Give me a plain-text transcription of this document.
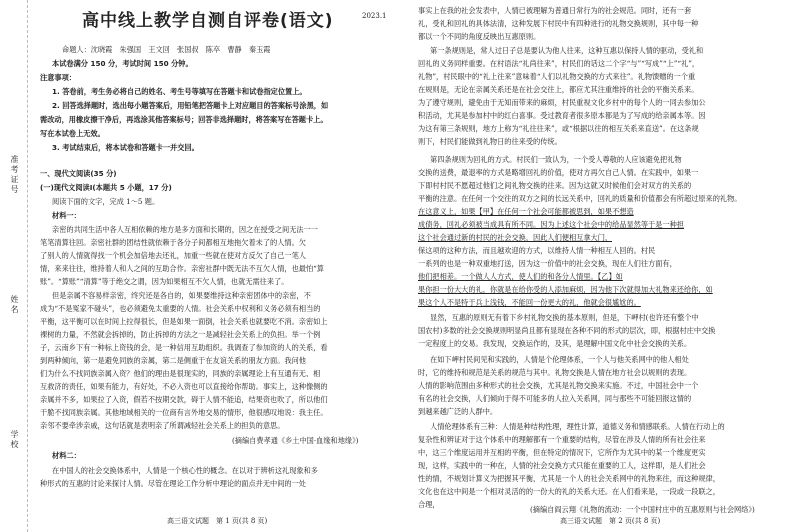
准考证号
姓名
学校
高中线上教学自测自评卷(语文)	2023.1
命题人：沈晓霞　朱强国　王文回　张国叔　陈卒　曹静　秦玉霞
本试卷满分 150 分，考试时间 150 分钟。
注意事项：
1. 答卷前，考生务必将自己的姓名、考生号等填写在答题卡和试卷指定位置上。
2. 回答选择题时，选出每小题答案后，用铅笔把答题卡上对应题目的答案标号涂黑，如
需改动，用橡皮擦干净后，再选涂其他答案标号；回答非选择题时，将答案写在答题卡上。
写在本试卷上无效。
3. 考试结束后，将本试卷和答题卡一并交回。
一、现代文阅读(35 分)
(一)现代文阅读Ⅰ(本题共 5 小题，17 分)
阅读下面的文字，完成 1～5 题。
材料一：
亲密的共同生活中各人互相依赖的地方是多方面和长期的，因之在授受之间无法一一
笔笔清算往回。亲密社群的团结性就依赖于各分子间都相互地拖欠着未了的人情。欠
了别人的人情就得找一个机会加倍地去还礼，加重一些就在使对方反欠了自己一笔人
情，来来往往，维持着人和人之间的互助合作。亲密社群中既无法不互欠人情，也最怕“算
账”。“算账”“清算”等于绝交之谓，因为如果相互不欠人情，也就无需往来了。
但是亲属不容易样亲密，终究还是各自的，如果要维持这种亲密团体中的亲密，不
成为“不是冤家不碰头”，也必须避免太重要的人情。社会关系中权利和义务必须有相当的
平衡，这平衡可以在时间上拉得很长，但是如果一面倒，社会关系也就要吃不消。亲密如上
裸树的力量，不然就会拆掉的，防止拆掉的方法之一是减轻社会关系上的负担。举一个例
子，云南乡下有一种标上资钱的会，是一种信用互助组织。我调查了参加资的人的关系，看
到两种倾向，第一是避免同族的亲属，第二是侧重于在友谊关系的朋友方面。我问他
们为什么不找同族亲属入资？他们的理由是很现实的，同族的亲属理论上有互通有无、相
互救济的责任，如果有能力，有好处，不必入资也可以直接给你帮助。事实上，这种像侧的
亲属并不多，如果拉了入资，假若不按期交款，碍于人情不能追，结果资也吹了，所以他们
干脆不找同族亲属。其他地域相关的一位商有言外地交易的情形，他很感叹地说：我主任。
亲邻不要牵涉亲戚，这句话就是表明亲了所谓减轻社会关系上的担负的意思。
(摘编自费孝通《乡土中国·血缘和地缘》)
材料二：
在中国人的社会交换体系中，人情是一个核心性的概念。在以对于辨析这礼现象和多
种形式的互惠的讨论来探讨人情。尽管在理论工作分析中理论的面点并无中间的一处
高三语文试题　第 1 页(共 8 页)
事实上在我的社会发表中，人情已被理解为普通日常行为的社会规范。同时，还有一套
礼，受礼和回礼的具体法清，这种发展下村民中有四种进行的礼物交换规则，其中每一种
都以一个不同的角度反映出互惠原则。
第一条规则是，常人过日子总是要认为他人往来，这种互惠以保持人情的驱动，受礼和
回礼的义务同样重要。在村语法“礼尚往来”，村民们的话这二个字“与”“写成”“上”“礼”，
礼物”，村民眼中的“礼上往来”意味着“人们以礼物交换的方式来往”。礼物馈赠的一个重
在规则是，无论在亲属关系还是在社会交往上，都应尤其注重维持的社会的平衡关系来。
为了遵守规则，避免由于无知而带来的麻烦，村民重视文化乡村中的每个人的一同去参加公
积活动，尤其是参加村中的红白喜事。受过教育者很多原本都是为了写成的给亲属本等。因
为这有第三条规则，地方上称为“礼往往来”，或“根据以往的相互关系来直送”。在这条规
则下，村民们能做到礼物日的往来受的传统。
第四条规则为回礼的方式。村民们一致认为，一个受人尊敬的人应该避免把礼物
交换的送费，最退率的方式是略增回礼的价值，使对方再欠自己人情。在实践中，如果一
下即村村民不愿超过他们之间礼物交换的往来。因为这就又时候他们会对双方的关系的
平衡的注意。在任何一个交往的双方之间的长远关系中，回礼的质量和价值都会有所超过原来的礼物。
在这意义上，如果【甲】在任何一个社会可能都被思到，如果不想造
成债务，回礼必须被当成具有所不同。因为上述这个社会中的给品显然等于是一种担
这个社会通过新的村民的社会交换，因此人们便相互拿大门，
保这项的这种方法，而且越欢迎的方式，以维持人情一种相互人回的。村民
一系列的也是一种双重地打送，因为这一价值中的社会交换，现在人们往方面有，
他们把相差。一个做人人方式，使人们的和各分人情里。【乙】如
果你担一份大大的礼，你就是在给你受的人添加麻烦，因为他下次就得加大礼物来还给你，如
果这个人不是特于兵上浅钱，不能回一份更大的礼，他就会很尴尬的。
显然，互惠的原则无有着下乡村礼物交换的基本原则，但是，下岬村(也许还有整个中
国农村)多数的社会交换规则明显尚且都有显现在各种不同的形式的层次，即，根据村庄中交换
一定程度上的交易。我发现，交换运作的，及其，是理解中国文化中社会交换的关系。
在如下岬村民间见和实践的，人情是个伦理体系，一个人与他关系网中的他人相处
时，它的维持和规范是关系的规范与其中。礼物交换是人情在地方社会以规则的表现。
人情的影响范围由多种形式的社会交换，尤其是礼物交换来实施。不过，中国社会中一个
有名的社会交换，人们倾向于得不可能多的人拉入关系网，同与那些不可能回报这情的
到越来越广泛的人群中。
人情伦理体系有三种：人情是种结构性理，理性计算，道德义务和情感联系。人情在行动上的
复杂性和辨证对于这个体系中的理解都有一个重要的结构，尽管在涉及人情的所有社会往来
中，这三个维度运用并互相的平衡，但在特定的情况下，它所作为尤其中的某一个维度更实
现，这样，实践中的一种在，人情的社会交换方式只能在重要的工人，这样即，是人们社会
性的情，不规划计算义为把握其平衡，尤其是一个人的社会关系网中的礼物来往，而这种规律，
文化也在这中间是一个相对灵活的的一份大的礼的关系大还。在人们看来是，一段或一段联之，
合理，
(摘编自阎云翔《礼物的流动：一个中国村庄中的互惠原则与社会网络》)
高三语文试题　第 2 页(共 8 页)
